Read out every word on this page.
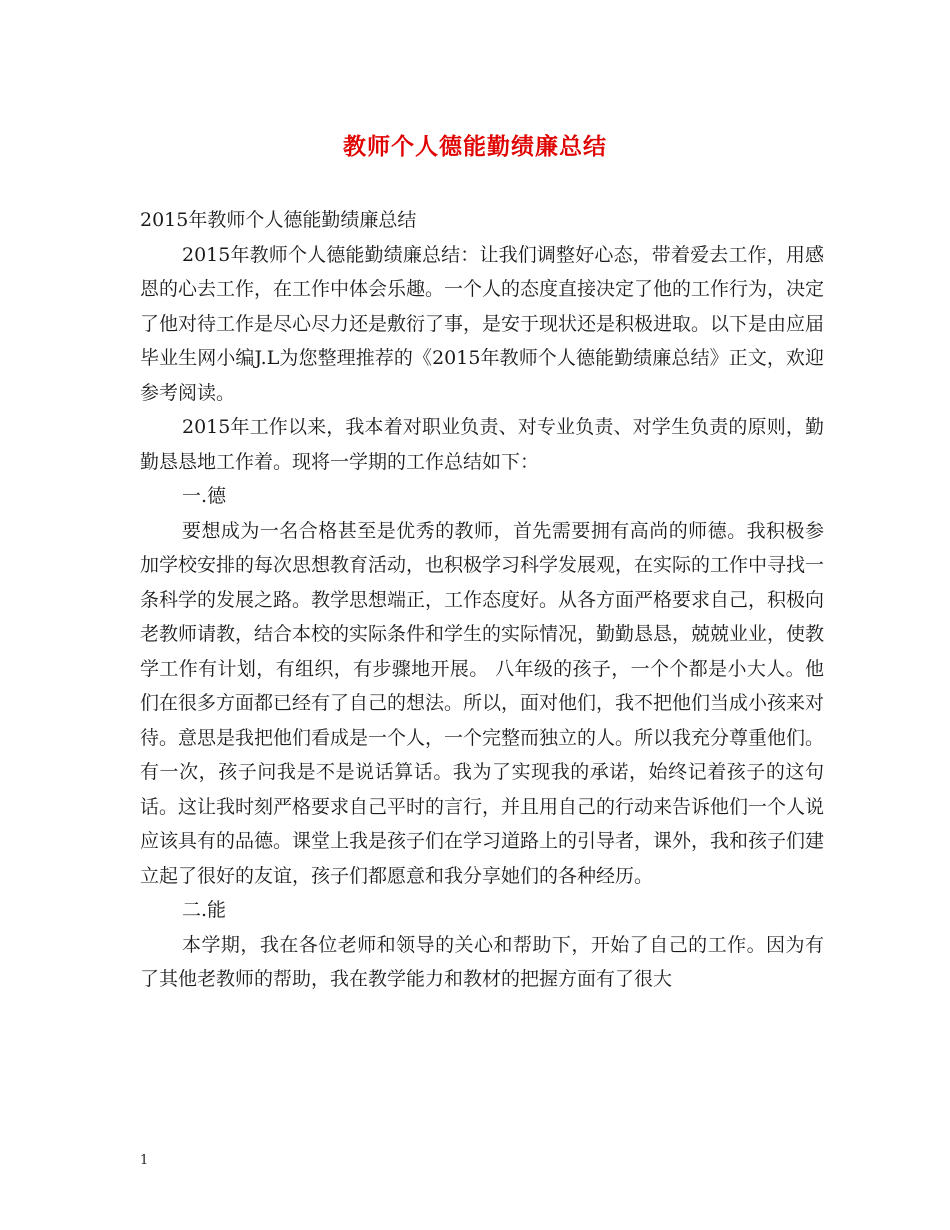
教师个人德能勤绩廉总结

2015年教师个人德能勤绩廉总结

2015年教师个人德能勤绩廉总结：让我们调整好心态，带着爱去工作，用感恩的心去工作，在工作中体会乐趣。一个人的态度直接决定了他的工作行为，决定了他对待工作是尽心尽力还是敷衍了事，是安于现状还是积极进取。以下是由应届毕业生网小编J.L为您整理推荐的《2015年教师个人德能勤绩廉总结》正文，欢迎参考阅读。

2015年工作以来，我本着对职业负责、对专业负责、对学生负责的原则，勤勤恳恳地工作着。现将一学期的工作总结如下：

一.德

要想成为一名合格甚至是优秀的教师，首先需要拥有高尚的师德。我积极参加学校安排的每次思想教育活动，也积极学习科学发展观，在实际的工作中寻找一条科学的发展之路。教学思想端正，工作态度好。从各方面严格要求自己，积极向老教师请教，结合本校的实际条件和学生的实际情况，勤勤恳恳，兢兢业业，使教学工作有计划，有组织，有步骤地开展。 八年级的孩子，一个个都是小大人。他们在很多方面都已经有了自己的想法。所以，面对他们，我不把他们当成小孩来对待。意思是我把他们看成是一个人，一个完整而独立的人。所以我充分尊重他们。有一次，孩子问我是不是说话算话。我为了实现我的承诺，始终记着孩子的这句话。这让我时刻严格要求自己平时的言行，并且用自己的行动来告诉他们一个人说应该具有的品德。课堂上我是孩子们在学习道路上的引导者，课外，我和孩子们建立起了很好的友谊，孩子们都愿意和我分享她们的各种经历。

二.能

本学期，我在各位老师和领导的关心和帮助下，开始了自己的工作。因为有了其他老教师的帮助，我在教学能力和教材的把握方面有了很大

1
